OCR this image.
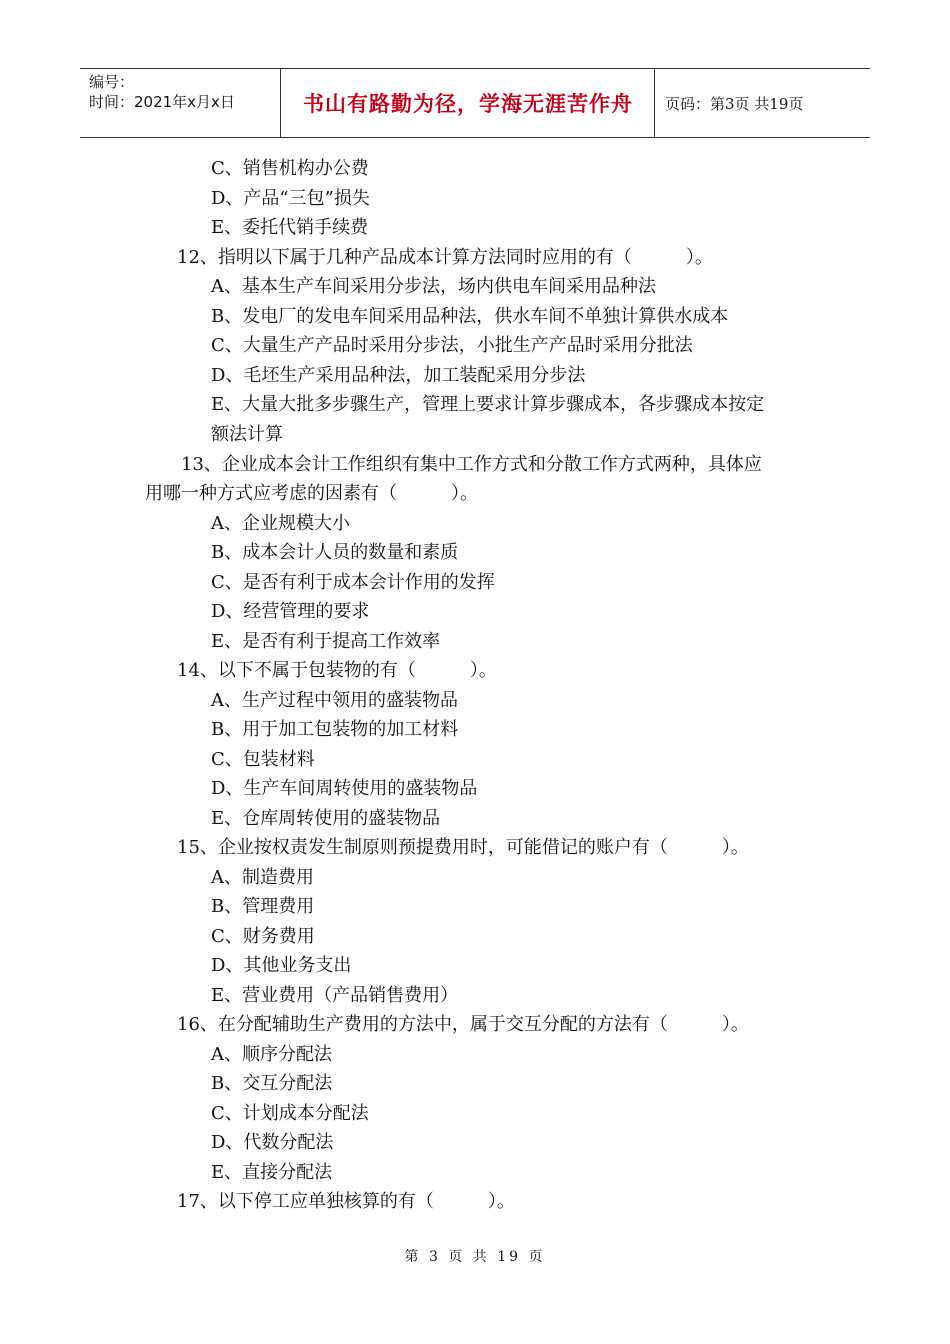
编号：
时间：2021年x月x日	书山有路勤为径，学海无涯苦作舟	页码：第3页 共19页
C、销售机构办公费
D、产品“三包”损失
E、委托代销手续费
12、指明以下属于几种产品成本计算方法同时应用的有（　　　）。
A、基本生产车间采用分步法，场内供电车间采用品种法
B、发电厂的发电车间采用品种法，供水车间不单独计算供水成本
C、大量生产产品时采用分步法，小批生产产品时采用分批法
D、毛坯生产采用品种法，加工装配采用分步法
E、大量大批多步骤生产，管理上要求计算步骤成本，各步骤成本按定
额法计算
13、企业成本会计工作组织有集中工作方式和分散工作方式两种，具体应
用哪一种方式应考虑的因素有（　　　）。
A、企业规模大小
B、成本会计人员的数量和素质
C、是否有利于成本会计作用的发挥
D、经营管理的要求
E、是否有利于提高工作效率
14、以下不属于包装物的有（　　　）。
A、生产过程中领用的盛装物品
B、用于加工包装物的加工材料
C、包装材料
D、生产车间周转使用的盛装物品
E、仓库周转使用的盛装物品
15、企业按权责发生制原则预提费用时，可能借记的账户有（　　　）。
A、制造费用
B、管理费用
C、财务费用
D、其他业务支出
E、营业费用（产品销售费用）
16、在分配辅助生产费用的方法中，属于交互分配的方法有（　　　）。
A、顺序分配法
B、交互分配法
C、计划成本分配法
D、代数分配法
E、直接分配法
17、以下停工应单独核算的有（　　　）。
第 3 页 共 19 页
